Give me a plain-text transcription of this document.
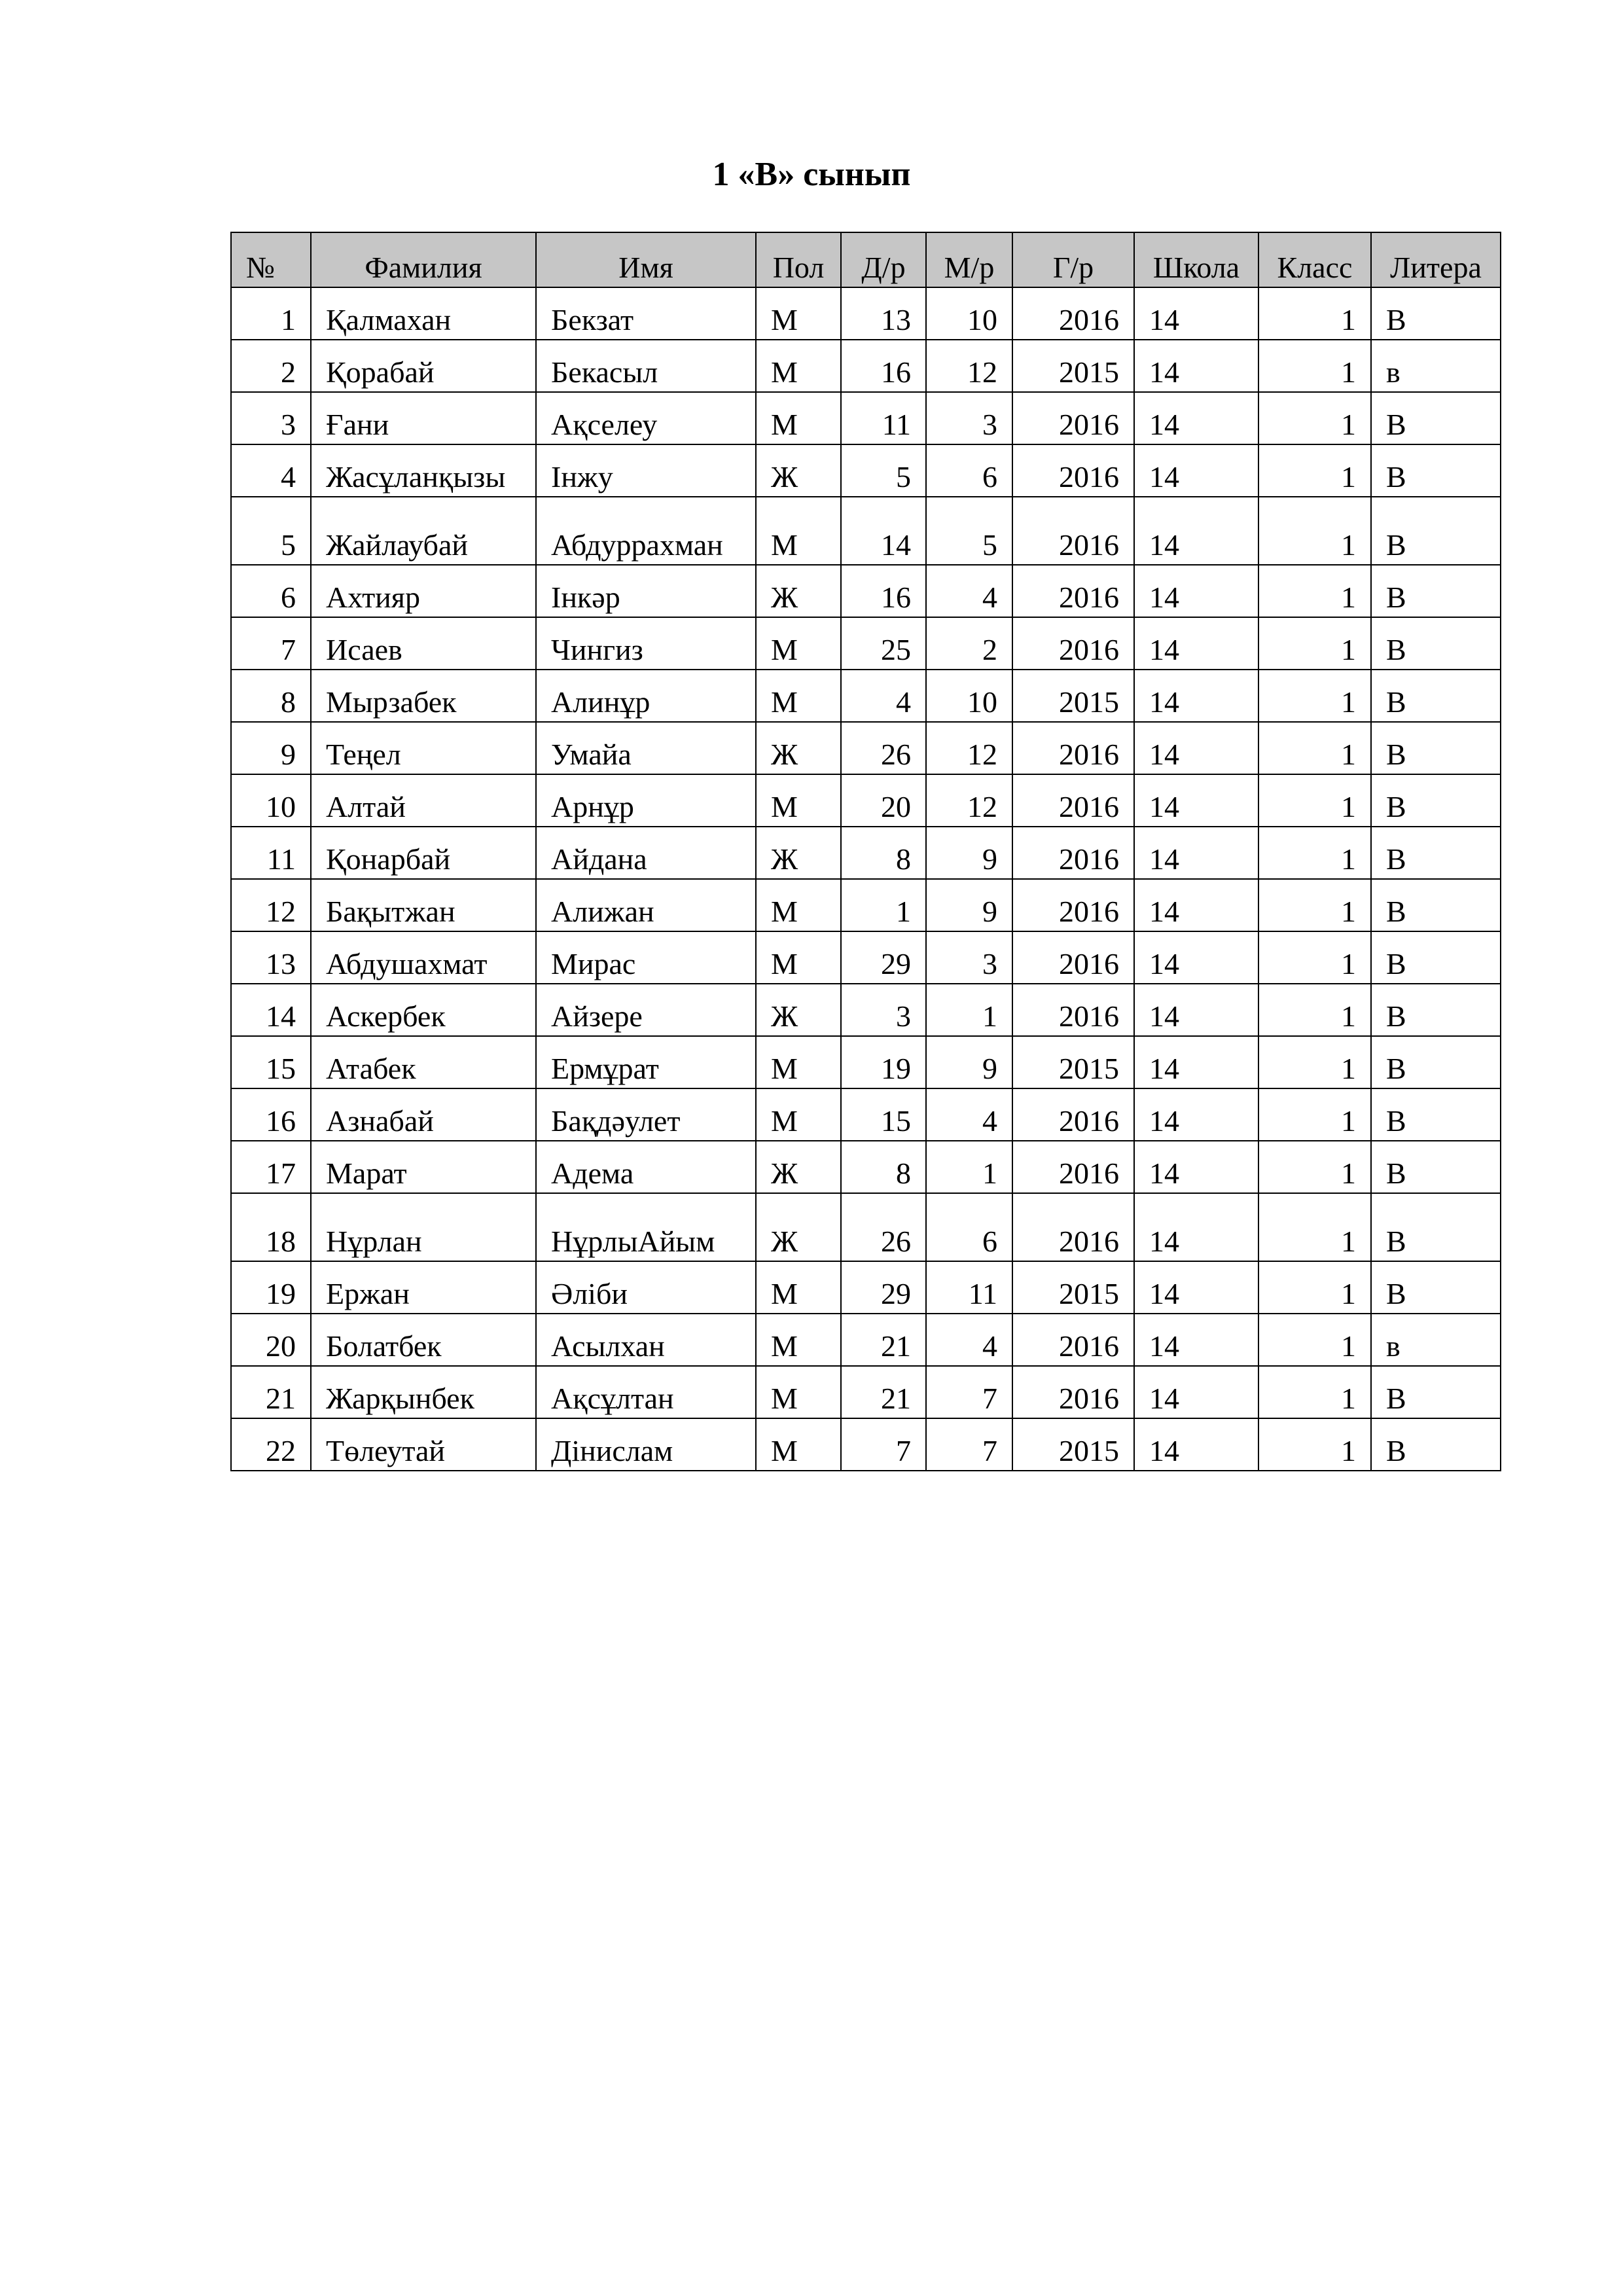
1 «В» сынып
№	Фамилия	Имя	Пол	Д/р	М/р	Г/р	Школа	Класс	Литера
1	Қалмахан	Бекзат	М	13	10	2016	14	1	В
2	Қорабай	Бекасыл	М	16	12	2015	14	1	в
3	Ғани	Ақселеу	М	11	3	2016	14	1	В
4	Жасұланқызы	Інжу	Ж	5	6	2016	14	1	В
5	Жайлаубай	Абдуррахман	М	14	5	2016	14	1	В
6	Ахтияр	Інкәр	Ж	16	4	2016	14	1	В
7	Исаев	Чингиз	М	25	2	2016	14	1	В
8	Мырзабек	Алинұр	М	4	10	2015	14	1	В
9	Теңел	Умайа	Ж	26	12	2016	14	1	В
10	Алтай	Арнұр	М	20	12	2016	14	1	В
11	Қонарбай	Айдана	Ж	8	9	2016	14	1	В
12	Бақытжан	Алижан	М	1	9	2016	14	1	В
13	Абдушахмат	Мирас	М	29	3	2016	14	1	В
14	Аскербек	Айзере	Ж	3	1	2016	14	1	В
15	Атабек	Ермұрат	М	19	9	2015	14	1	В
16	Азнабай	Бақдәулет	М	15	4	2016	14	1	В
17	Марат	Адема	Ж	8	1	2016	14	1	В
18	Нұрлан	НұрлыАйым	Ж	26	6	2016	14	1	В
19	Ержан	Әліби	М	29	11	2015	14	1	В
20	Болатбек	Асылхан	М	21	4	2016	14	1	в
21	Жарқынбек	Ақсұлтан	М	21	7	2016	14	1	В
22	Төлеутай	Дінислам	М	7	7	2015	14	1	В
